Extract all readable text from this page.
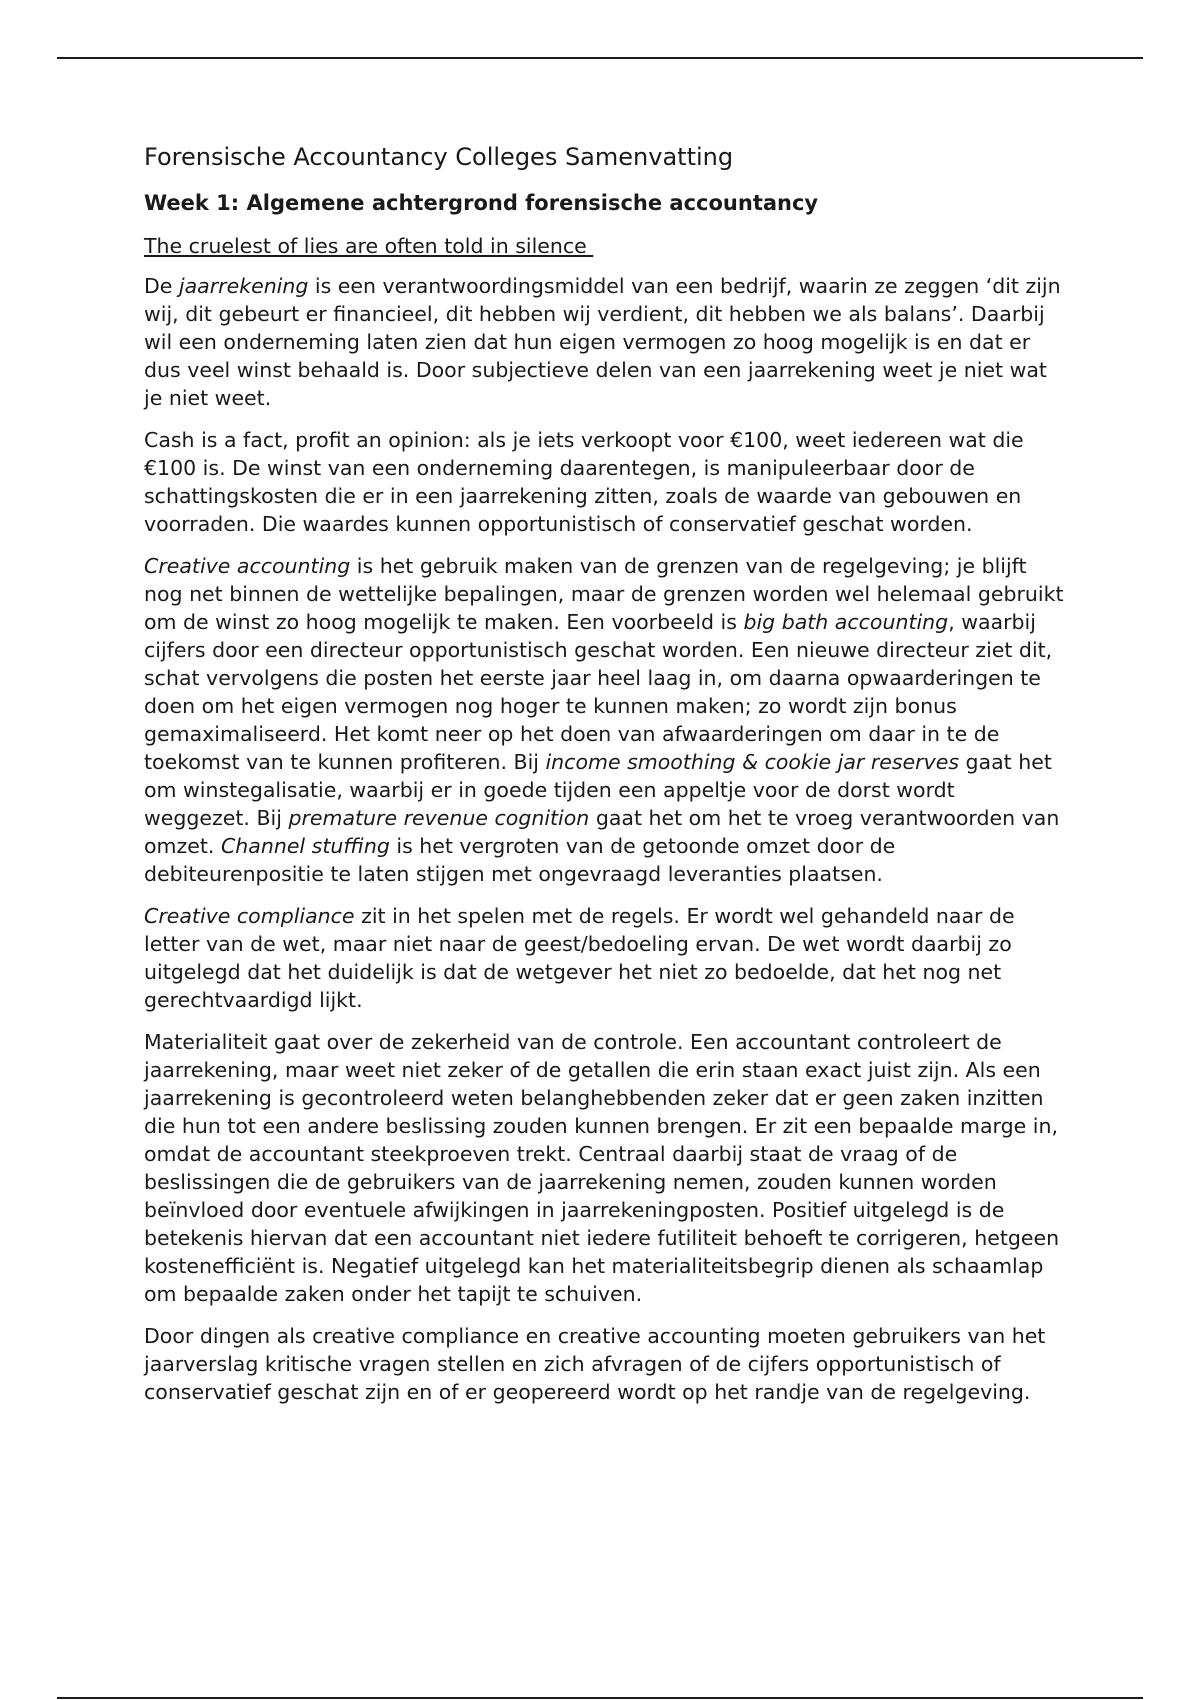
Forensische Accountancy Colleges Samenvatting
Week 1: Algemene achtergrond forensische accountancy
The cruelest of lies are often told in silence

De jaarrekening is een verantwoordingsmiddel van een bedrijf, waarin ze zeggen ‘dit zijn wij, dit gebeurt er financieel, dit hebben wij verdient, dit hebben we als balans’. Daarbij wil een onderneming laten zien dat hun eigen vermogen zo hoog mogelijk is en dat er dus veel winst behaald is. Door subjectieve delen van een jaarrekening weet je niet wat je niet weet.

Cash is a fact, profit an opinion: als je iets verkoopt voor €100, weet iedereen wat die €100 is. De winst van een onderneming daarentegen, is manipuleerbaar door de schattingskosten die er in een jaarrekening zitten, zoals de waarde van gebouwen en voorraden. Die waardes kunnen opportunistisch of conservatief geschat worden.

Creative accounting is het gebruik maken van de grenzen van de regelgeving; je blijft nog net binnen de wettelijke bepalingen, maar de grenzen worden wel helemaal gebruikt om de winst zo hoog mogelijk te maken. Een voorbeeld is big bath accounting, waarbij cijfers door een directeur opportunistisch geschat worden. Een nieuwe directeur ziet dit, schat vervolgens die posten het eerste jaar heel laag in, om daarna opwaarderingen te doen om het eigen vermogen nog hoger te kunnen maken; zo wordt zijn bonus gemaximaliseerd. Het komt neer op het doen van afwaarderingen om daar in te de toekomst van te kunnen profiteren. Bij income smoothing & cookie jar reserves gaat het om winstegalisatie, waarbij er in goede tijden een appeltje voor de dorst wordt weggezet. Bij premature revenue cognition gaat het om het te vroeg verantwoorden van omzet. Channel stuffing is het vergroten van de getoonde omzet door de debiteurenpositie te laten stijgen met ongevraagd leveranties plaatsen.

Creative compliance zit in het spelen met de regels. Er wordt wel gehandeld naar de letter van de wet, maar niet naar de geest/bedoeling ervan. De wet wordt daarbij zo uitgelegd dat het duidelijk is dat de wetgever het niet zo bedoelde, dat het nog net gerechtvaardigd lijkt.

Materialiteit gaat over de zekerheid van de controle. Een accountant controleert de jaarrekening, maar weet niet zeker of de getallen die erin staan exact juist zijn. Als een jaarrekening is gecontroleerd weten belanghebbenden zeker dat er geen zaken inzitten die hun tot een andere beslissing zouden kunnen brengen. Er zit een bepaalde marge in, omdat de accountant steekproeven trekt. Centraal daarbij staat de vraag of de beslissingen die de gebruikers van de jaarrekening nemen, zouden kunnen worden beïnvloed door eventuele afwijkingen in jaarrekeningposten. Positief uitgelegd is de betekenis hiervan dat een accountant niet iedere futiliteit behoeft te corrigeren, hetgeen kostenefficiënt is. Negatief uitgelegd kan het materialiteitsbegrip dienen als schaamlap om bepaalde zaken onder het tapijt te schuiven.

Door dingen als creative compliance en creative accounting moeten gebruikers van het jaarverslag kritische vragen stellen en zich afvragen of de cijfers opportunistisch of conservatief geschat zijn en of er geopereerd wordt op het randje van de regelgeving.
